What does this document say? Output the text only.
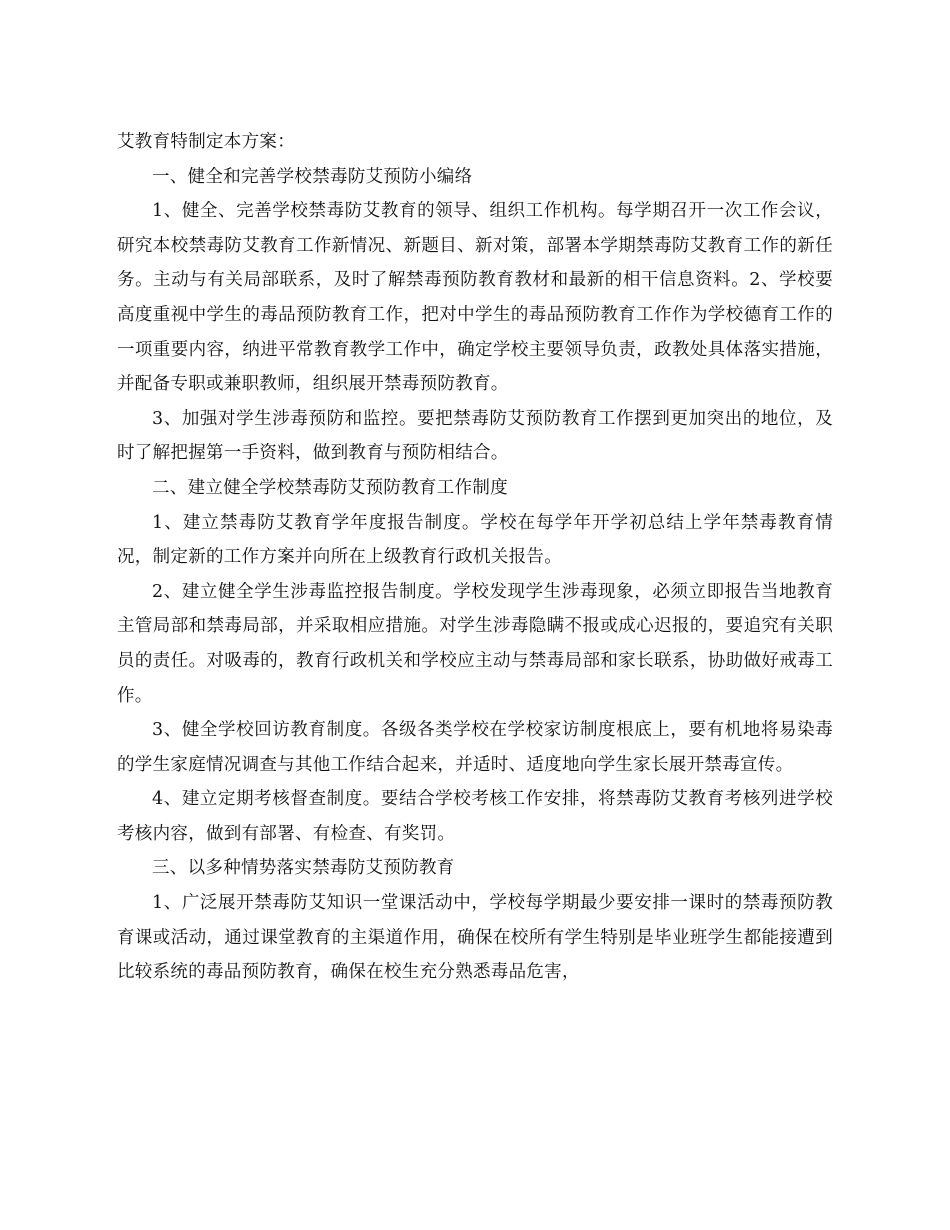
艾教育特制定本方案：

一、健全和完善学校禁毒防艾预防小编络

1、健全、完善学校禁毒防艾教育的领导、组织工作机构。每学期召开一次工作会议，研究本校禁毒防艾教育工作新情况、新题目、新对策，部署本学期禁毒防艾教育工作的新任务。主动与有关局部联系，及时了解禁毒预防教育教材和最新的相干信息资料。2、学校要高度重视中学生的毒品预防教育工作，把对中学生的毒品预防教育工作作为学校德育工作的一项重要内容，纳进平常教育教学工作中，确定学校主要领导负责，政教处具体落实措施，并配备专职或兼职教师，组织展开禁毒预防教育。

3、加强对学生涉毒预防和监控。要把禁毒防艾预防教育工作摆到更加突出的地位，及时了解把握第一手资料，做到教育与预防相结合。

二、建立健全学校禁毒防艾预防教育工作制度

1、建立禁毒防艾教育学年度报告制度。学校在每学年开学初总结上学年禁毒教育情况，制定新的工作方案并向所在上级教育行政机关报告。

2、建立健全学生涉毒监控报告制度。学校发现学生涉毒现象，必须立即报告当地教育主管局部和禁毒局部，并采取相应措施。对学生涉毒隐瞒不报或成心迟报的，要追究有关职员的责任。对吸毒的，教育行政机关和学校应主动与禁毒局部和家长联系，协助做好戒毒工作。

3、健全学校回访教育制度。各级各类学校在学校家访制度根底上，要有机地将易染毒的学生家庭情况调查与其他工作结合起来，并适时、适度地向学生家长展开禁毒宣传。

4、建立定期考核督查制度。要结合学校考核工作安排，将禁毒防艾教育考核列进学校考核内容，做到有部署、有检查、有奖罚。

三、以多种情势落实禁毒防艾预防教育

1、广泛展开禁毒防艾知识一堂课活动中，学校每学期最少要安排一课时的禁毒预防教育课或活动，通过课堂教育的主渠道作用，确保在校所有学生特别是毕业班学生都能接遭到比较系统的毒品预防教育，确保在校生充分熟悉毒品危害，
